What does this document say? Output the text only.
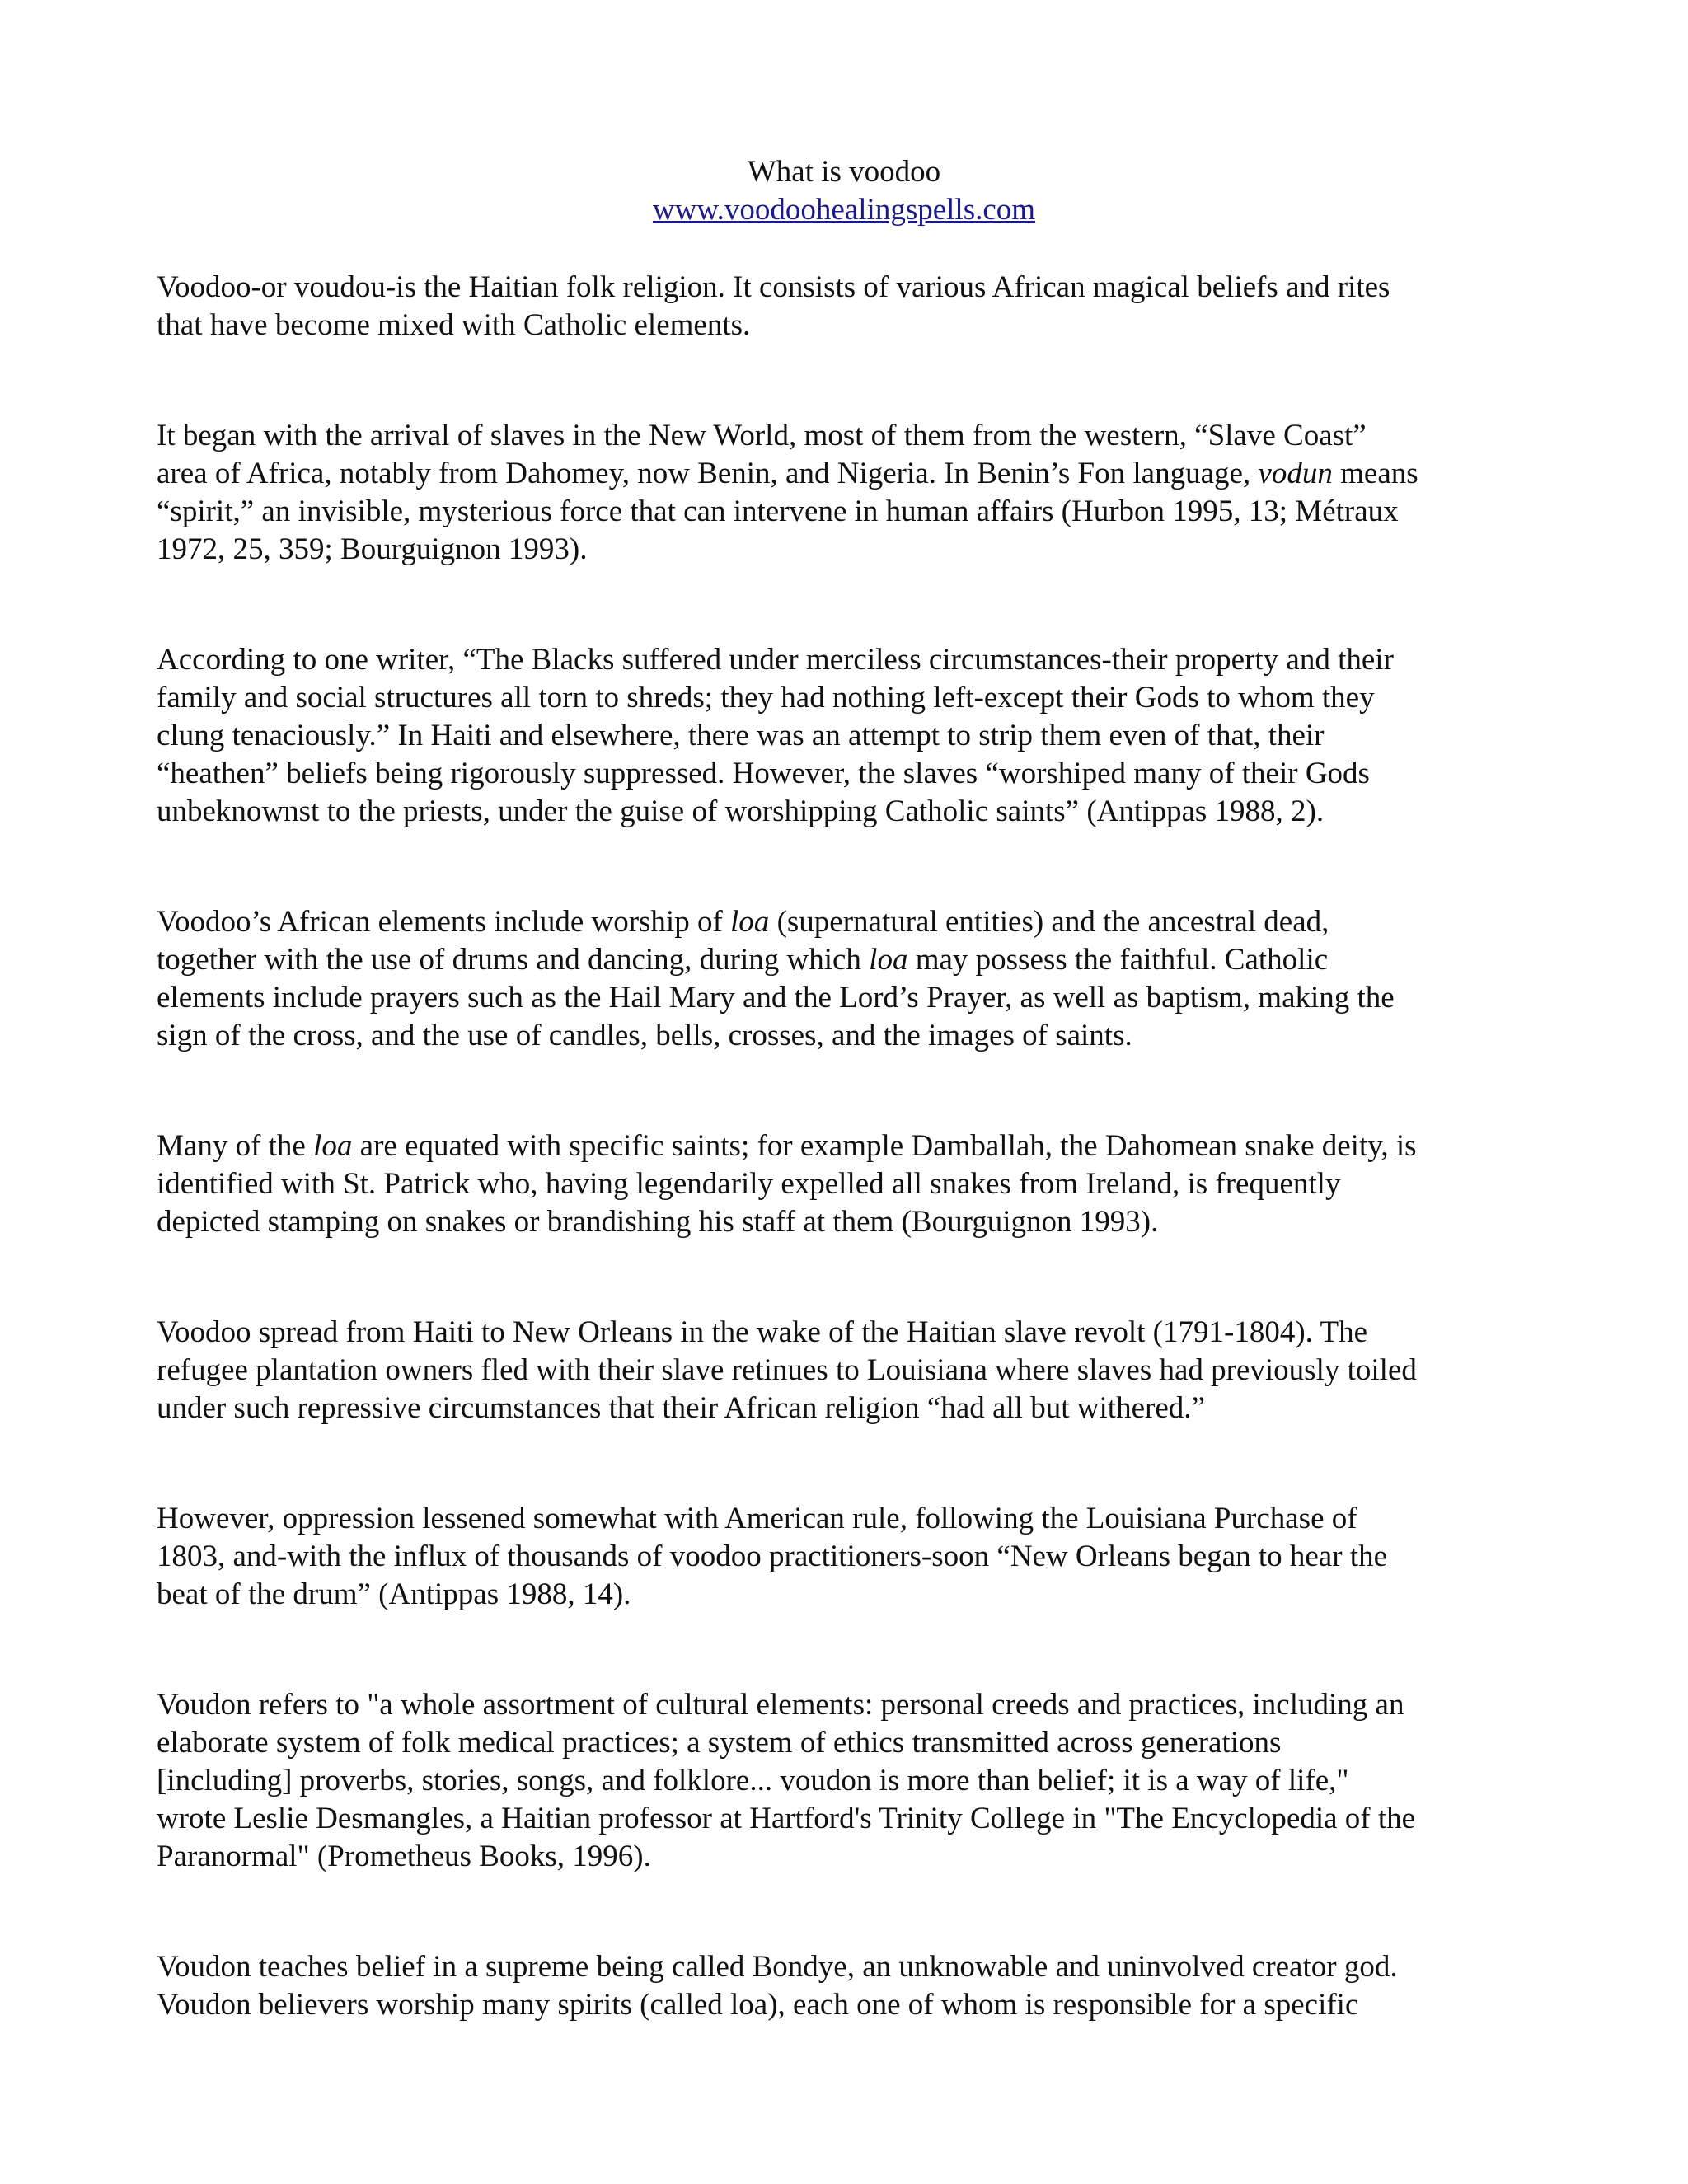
What is voodoo
www.voodoohealingspells.com
Voodoo-or voudou-is the Haitian folk religion. It consists of various African magical beliefs and rites
that have become mixed with Catholic elements.
It began with the arrival of slaves in the New World, most of them from the western, “Slave Coast”
area of Africa, notably from Dahomey, now Benin, and Nigeria. In Benin’s Fon language, vodun means
“spirit,” an invisible, mysterious force that can intervene in human affairs (Hurbon 1995, 13; Métraux
1972, 25, 359; Bourguignon 1993).
According to one writer, “The Blacks suffered under merciless circumstances-their property and their
family and social structures all torn to shreds; they had nothing left-except their Gods to whom they
clung tenaciously.” In Haiti and elsewhere, there was an attempt to strip them even of that, their
“heathen” beliefs being rigorously suppressed. However, the slaves “worshiped many of their Gods
unbeknownst to the priests, under the guise of worshipping Catholic saints” (Antippas 1988, 2).
Voodoo’s African elements include worship of loa (supernatural entities) and the ancestral dead,
together with the use of drums and dancing, during which loa may possess the faithful. Catholic
elements include prayers such as the Hail Mary and the Lord’s Prayer, as well as baptism, making the
sign of the cross, and the use of candles, bells, crosses, and the images of saints.
Many of the loa are equated with specific saints; for example Damballah, the Dahomean snake deity, is
identified with St. Patrick who, having legendarily expelled all snakes from Ireland, is frequently
depicted stamping on snakes or brandishing his staff at them (Bourguignon 1993).
Voodoo spread from Haiti to New Orleans in the wake of the Haitian slave revolt (1791-1804). The
refugee plantation owners fled with their slave retinues to Louisiana where slaves had previously toiled
under such repressive circumstances that their African religion “had all but withered.”
However, oppression lessened somewhat with American rule, following the Louisiana Purchase of
1803, and-with the influx of thousands of voodoo practitioners-soon “New Orleans began to hear the
beat of the drum” (Antippas 1988, 14).
Voudon refers to "a whole assortment of cultural elements: personal creeds and practices, including an
elaborate system of folk medical practices; a system of ethics transmitted across generations
[including] proverbs, stories, songs, and folklore... voudon is more than belief; it is a way of life,"
wrote Leslie Desmangles, a Haitian professor at Hartford's Trinity College in "The Encyclopedia of the
Paranormal" (Prometheus Books, 1996).
Voudon teaches belief in a supreme being called Bondye, an unknowable and uninvolved creator god.
Voudon believers worship many spirits (called loa), each one of whom is responsible for a specific
